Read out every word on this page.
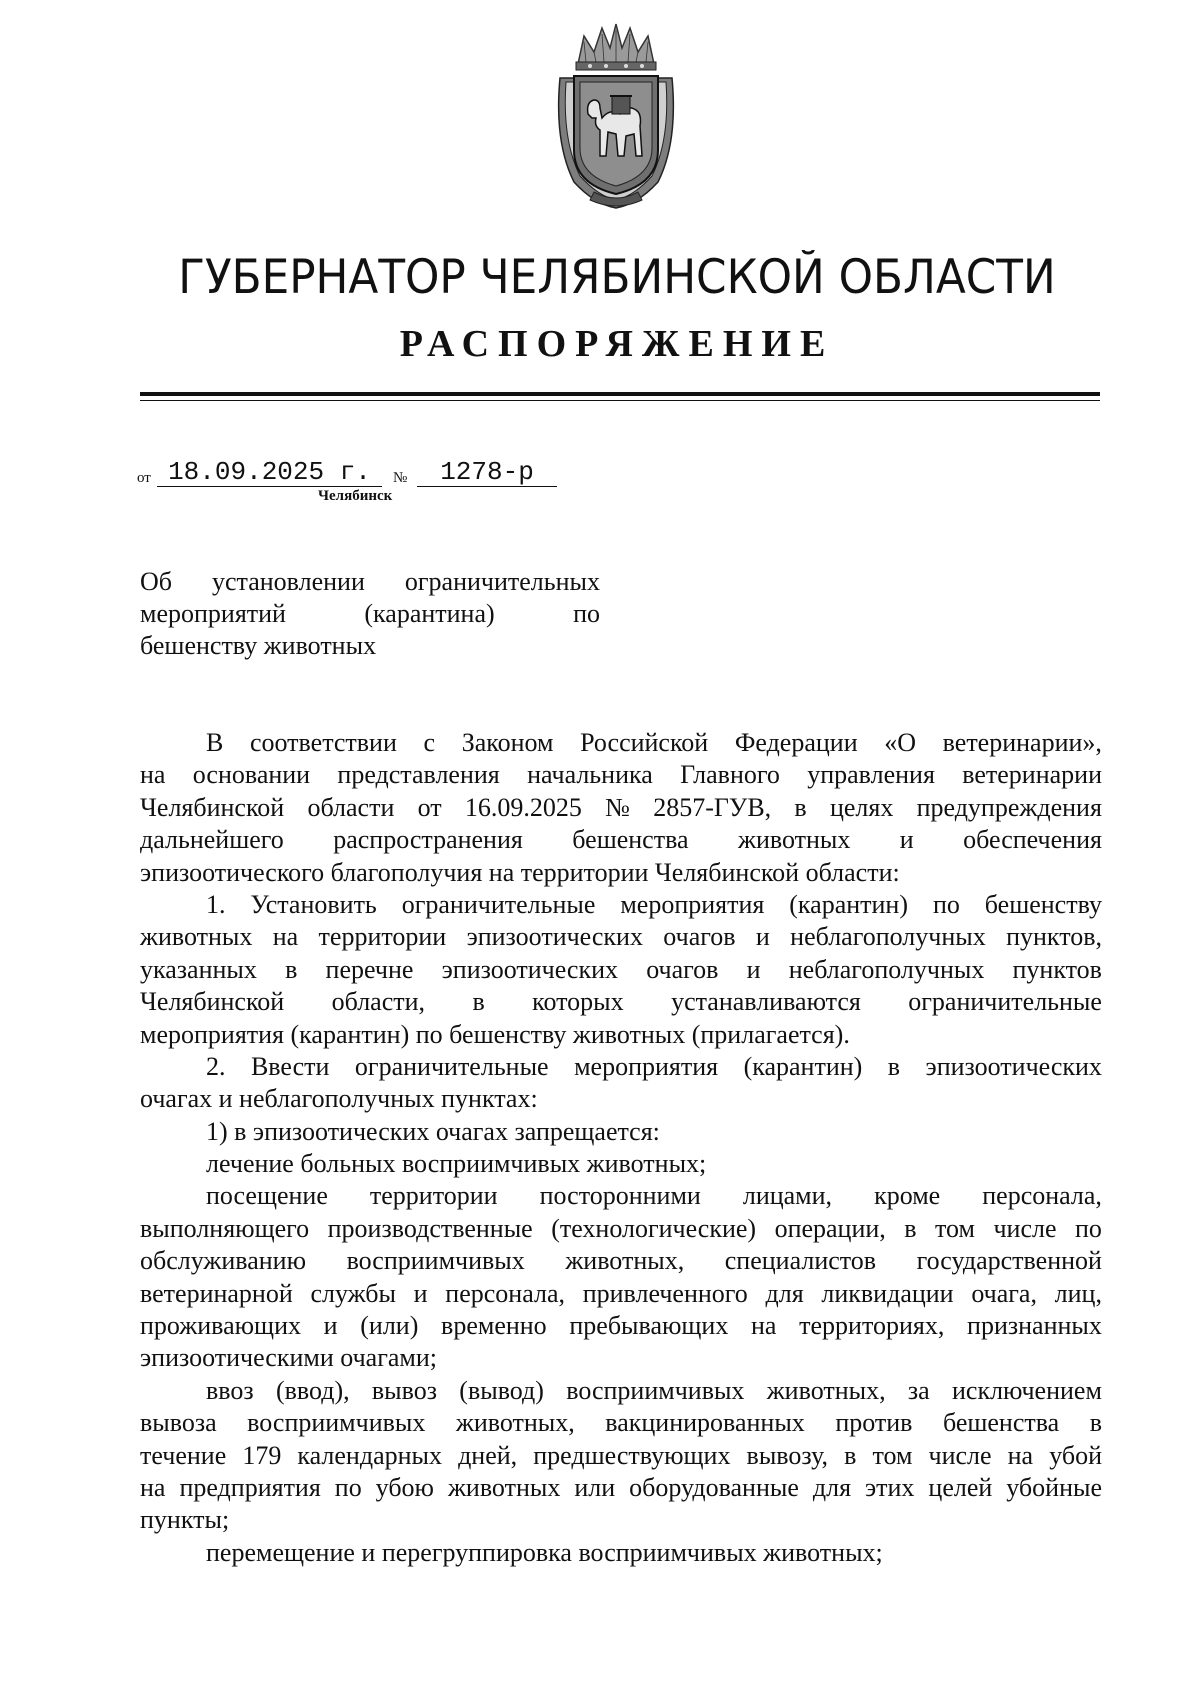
ГУБЕРНАТОР ЧЕЛЯБИНСКОЙ ОБЛАСТИ
РАСПОРЯЖЕНИЕ
от 18.09.2025 г.	№	1278-р
Челябинск
Об установлении ограничительных
мероприятий	(карантина)	по
бешенству животных
В соответствии с Законом Российской Федерации «О ветеринарии»,
на основании представления начальника Главного управления ветеринарии
Челябинской области от 16.09.2025 № 2857-ГУВ, в целях предупреждения
дальнейшего распространения бешенства животных и обеспечения
эпизоотического благополучия на территории Челябинской области:
1. Установить ограничительные мероприятия (карантин) по бешенству
животных на территории эпизоотических очагов и неблагополучных пунктов,
указанных в перечне эпизоотических очагов и неблагополучных пунктов
Челябинской области, в которых устанавливаются ограничительные
мероприятия (карантин) по бешенству животных (прилагается).
2. Ввести ограничительные мероприятия (карантин) в эпизоотических
очагах и неблагополучных пунктах:
1) в эпизоотических очагах запрещается:
лечение больных восприимчивых животных;
посещение территории посторонними лицами, кроме персонала,
выполняющего производственные (технологические) операции, в том числе по
обслуживанию восприимчивых животных, специалистов государственной
ветеринарной службы и персонала, привлеченного для ликвидации очага, лиц,
проживающих и (или) временно пребывающих на территориях, признанных
эпизоотическими очагами;
ввоз (ввод), вывоз (вывод) восприимчивых животных, за исключением
вывоза восприимчивых животных, вакцинированных против бешенства в
течение 179 календарных дней, предшествующих вывозу, в том числе на убой
на предприятия по убою животных или оборудованные для этих целей убойные
пункты;
перемещение и перегруппировка восприимчивых животных;
